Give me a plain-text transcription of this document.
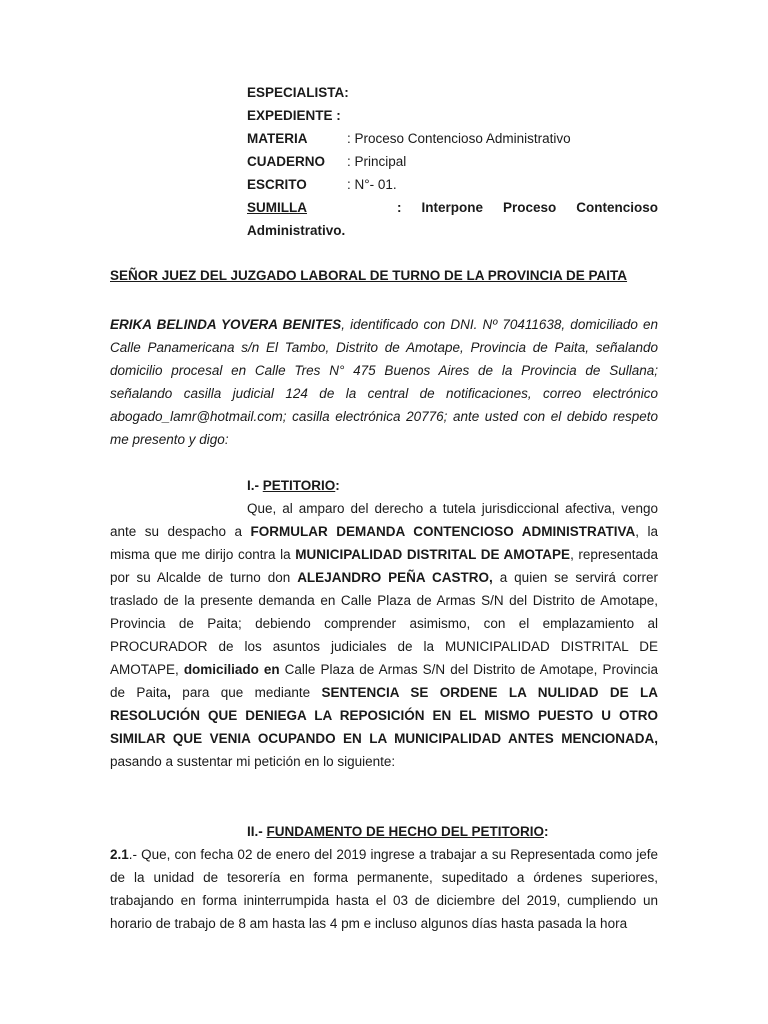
ESPECIALISTA:
EXPEDIENTE :
MATERIA	: Proceso Contencioso Administrativo
CUADERNO : Principal
ESCRITO	: N°- 01.
SUMILLA	: Interpone Proceso Contencioso
Administrativo.
SEÑOR JUEZ DEL JUZGADO LABORAL DE TURNO DE LA PROVINCIA DE PAITA
ERIKA BELINDA YOVERA BENITES, identificado con DNI. Nº 70411638, domiciliado en Calle Panamericana s/n El Tambo, Distrito de Amotape, Provincia de Paita, señalando domicilio procesal en Calle Tres N° 475 Buenos Aires de la Provincia de Sullana; señalando casilla judicial 124 de la central de notificaciones, correo electrónico abogado_lamr@hotmail.com; casilla electrónica 20776; ante usted con el debido respeto me presento y digo:
I.- PETITORIO:
Que, al amparo del derecho a tutela jurisdiccional afectiva, vengo ante su despacho a FORMULAR DEMANDA CONTENCIOSO ADMINISTRATIVA, la misma que me dirijo contra la MUNICIPALIDAD DISTRITAL DE AMOTAPE, representada por su Alcalde de turno don ALEJANDRO PEÑA CASTRO, a quien se servirá correr traslado de la presente demanda en Calle Plaza de Armas S/N del Distrito de Amotape, Provincia de Paita; debiendo comprender asimismo, con el emplazamiento al PROCURADOR de los asuntos judiciales de la MUNICIPALIDAD DISTRITAL DE AMOTAPE, domiciliado en Calle Plaza de Armas S/N del Distrito de Amotape, Provincia de Paita, para que mediante SENTENCIA SE ORDENE LA NULIDAD DE LA RESOLUCIÓN QUE DENIEGA LA REPOSICIÓN EN EL MISMO PUESTO U OTRO SIMILAR QUE VENIA OCUPANDO EN LA MUNICIPALIDAD ANTES MENCIONADA, pasando a sustentar mi petición en lo siguiente:
II.- FUNDAMENTO DE HECHO DEL PETITORIO:
2.1.- Que, con fecha 02 de enero del 2019 ingrese a trabajar a su Representada como jefe de la unidad de tesorería en forma permanente, supeditado a órdenes superiores, trabajando en forma ininterrumpida hasta el 03 de diciembre del 2019, cumpliendo un horario de trabajo de 8 am hasta las 4 pm e incluso algunos días hasta pasada la hora
